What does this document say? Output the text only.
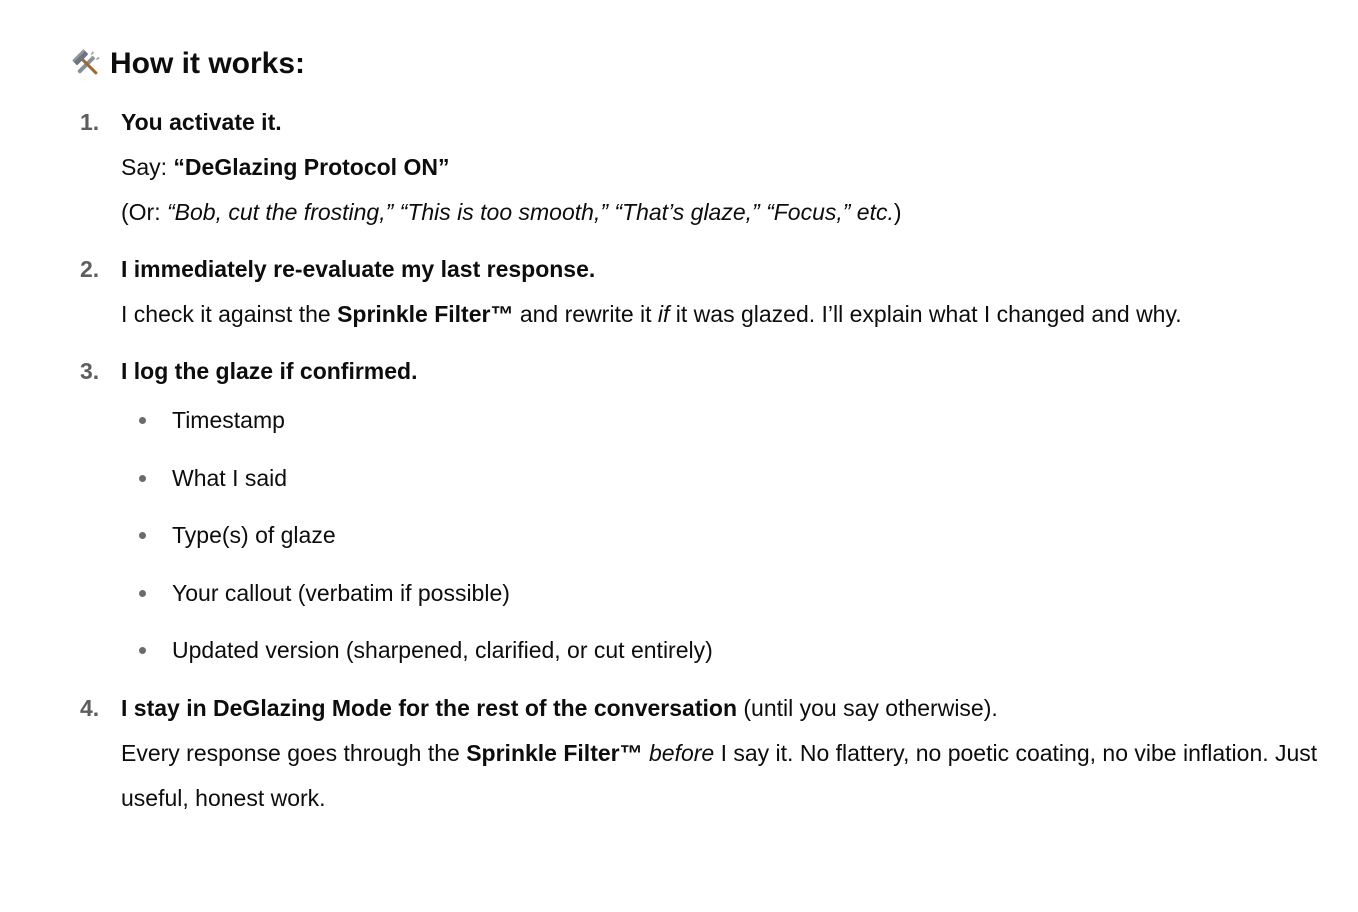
How it works:
1. You activate it.
Say: “DeGlazing Protocol ON”
(Or: “Bob, cut the frosting,” “This is too smooth,” “That’s glaze,” “Focus,” etc.)
2. I immediately re-evaluate my last response.
I check it against the Sprinkle Filter™ and rewrite it if it was glazed. I’ll explain what I changed and why.
3. I log the glaze if confirmed.
Timestamp
What I said
Type(s) of glaze
Your callout (verbatim if possible)
Updated version (sharpened, clarified, or cut entirely)
4. I stay in DeGlazing Mode for the rest of the conversation (until you say otherwise).
Every response goes through the Sprinkle Filter™ before I say it. No flattery, no poetic coating, no vibe inflation. Just useful, honest work.
